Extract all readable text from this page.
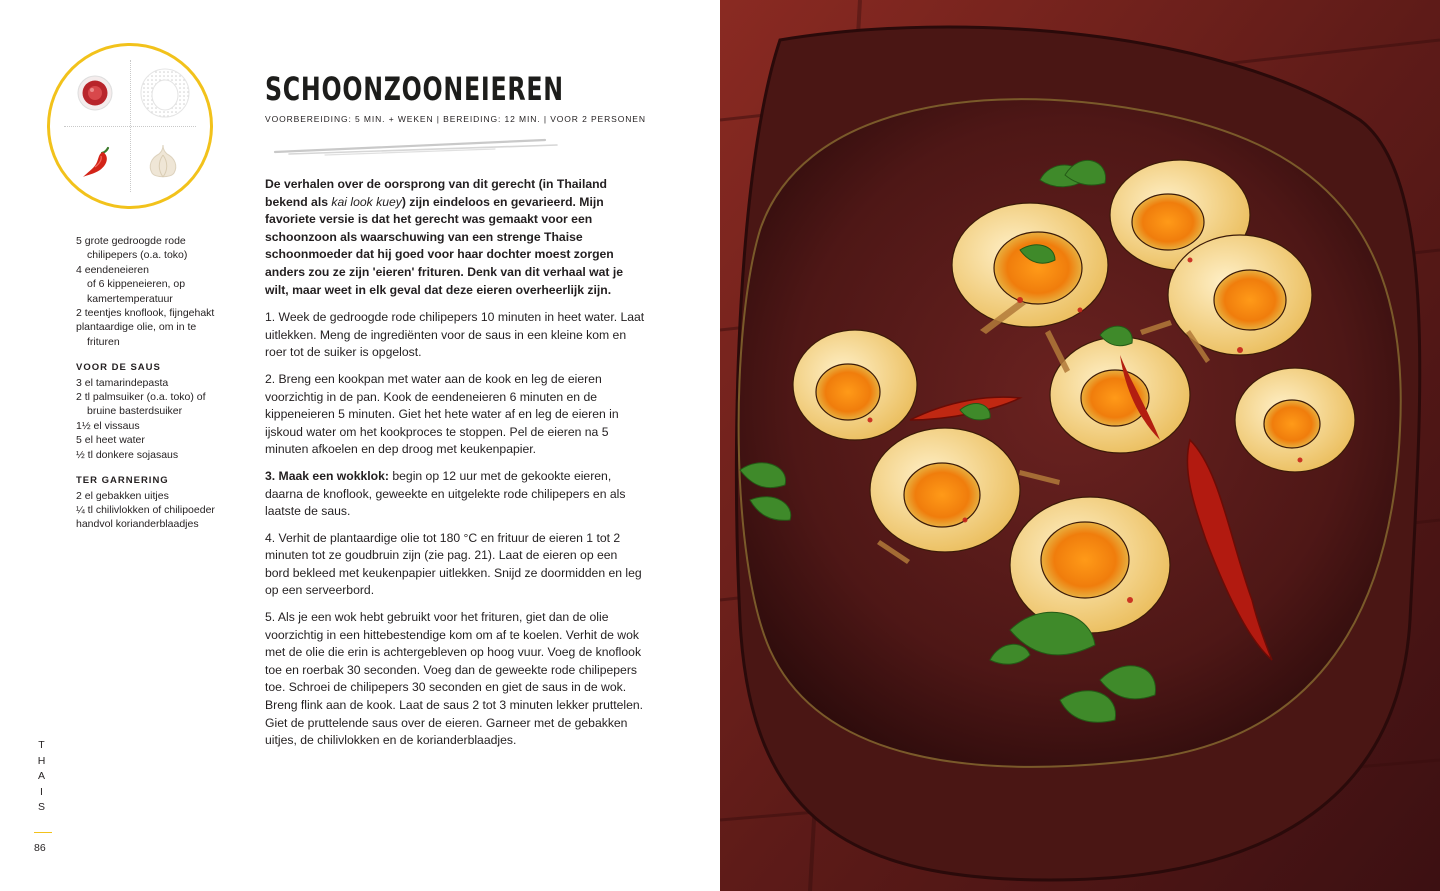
5 grote gedroogde rode

chilipepers (o.a. toko)

4 eendeneieren

of 6 kippeneieren, op

kamertemperatuur

2 teentjes knoflook, fijngehakt

plantaardige olie, om in te

frituren

VOOR DE SAUS

3 el tamarindepasta

2 tl palmsuiker (o.a. toko) of

bruine basterdsuiker

1½ el vissaus

5 el heet water

½ tl donkere sojasaus

TER GARNERING

2 el gebakken uitjes

¼ tl chilivlokken of chilipoeder

handvol korianderblaadjes

SCHOONZOONEIEREN
VOORBEREIDING: 5 MIN. + WEKEN | BEREIDING: 12 MIN. | VOOR 2 PERSONEN

De verhalen over de oorsprong van dit gerecht (in Thailand bekend als kai look kuey) zijn eindeloos en gevarieerd. Mijn favoriete versie is dat het gerecht was gemaakt voor een schoonzoon als waarschuwing van een strenge Thaise schoonmoeder dat hij goed voor haar dochter moest zorgen anders zou ze zijn 'eieren' frituren. Denk van dit verhaal wat je wilt, maar weet in elk geval dat deze eieren overheerlijk zijn.

1. Week de gedroogde rode chilipepers 10 minuten in heet water. Laat uitlekken. Meng de ingrediënten voor de saus in een kleine kom en roer tot de suiker is opgelost.

2. Breng een kookpan met water aan de kook en leg de eieren voorzichtig in de pan. Kook de eendeneieren 6 minuten en de kippeneieren 5 minuten. Giet het hete water af en leg de eieren in ijskoud water om het kookproces te stoppen. Pel de eieren na 5 minuten afkoelen en dep droog met keukenpapier.

3. Maak een wokklok: begin op 12 uur met de gekookte eieren, daarna de knoflook, geweekte en uitgelekte rode chilipepers en als laatste de saus.

4. Verhit de plantaardige olie tot 180 °C en frituur de eieren 1 tot 2 minuten tot ze goudbruin zijn (zie pag. 21). Laat de eieren op een bord bekleed met keukenpapier uitlekken. Snijd ze doormidden en leg op een serveerbord.

5. Als je een wok hebt gebruikt voor het frituren, giet dan de olie voorzichtig in een hittebestendige kom om af te koelen. Verhit de wok met de olie die erin is achtergebleven op hoog vuur. Voeg de knoflook toe en roerbak 30 seconden. Voeg dan de geweekte rode chilipepers toe. Schroei de chilipepers 30 seconden en giet de saus in de wok. Breng flink aan de kook. Laat de saus 2 tot 3 minuten lekker pruttelen. Giet de pruttelende saus over de eieren. Garneer met de gebakken uitjes, de chilivlokken en de korianderblaadjes.

T
H
A
I
S
86
